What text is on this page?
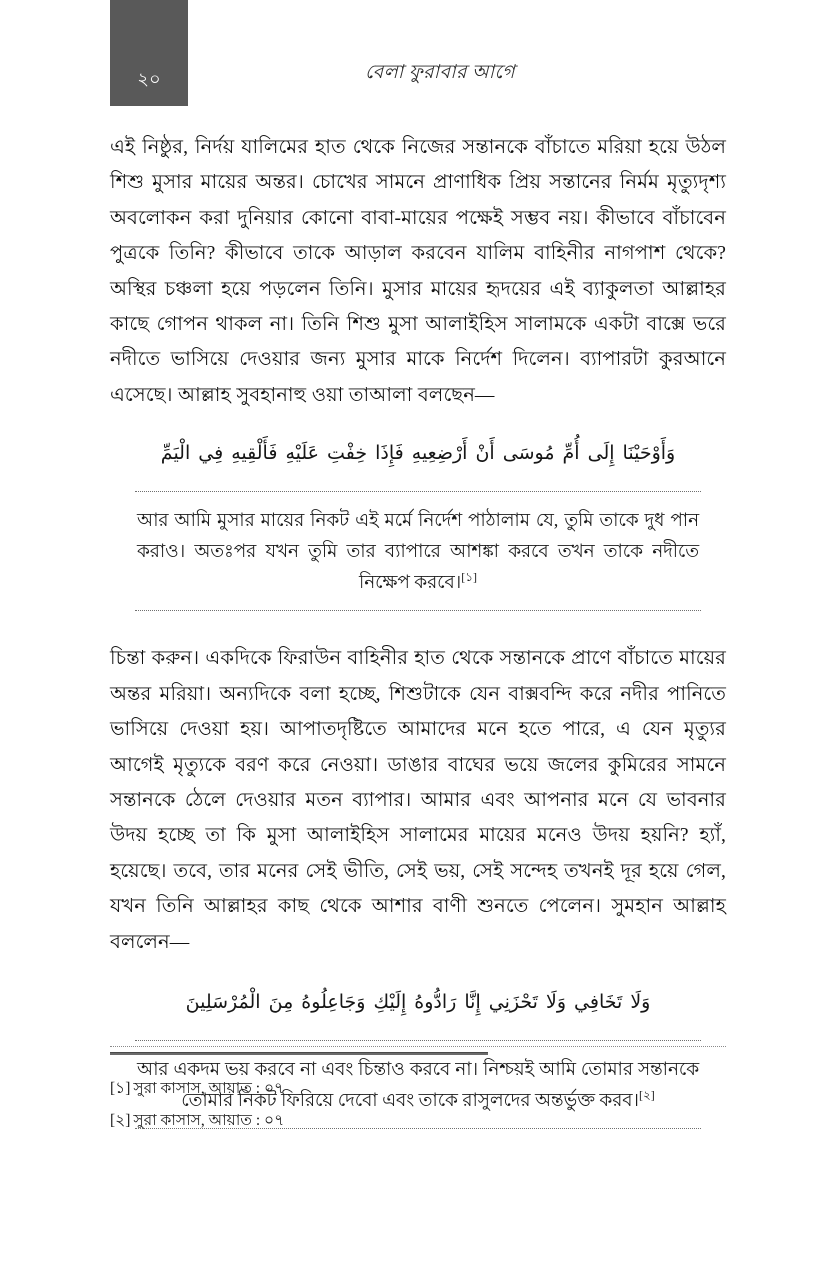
২০	বেলা ফুরাবার আগে

এই নিষ্ঠুর, নির্দয় যালিমের হাত থেকে নিজের সন্তানকে বাঁচাতে মরিয়া হয়ে উঠল শিশু মুসার মায়ের অন্তর। চোখের সামনে প্রাণাধিক প্রিয় সন্তানের নির্মম মৃত্যুদৃশ্য অবলোকন করা দুনিয়ার কোনো বাবা-মায়ের পক্ষেই সম্ভব নয়। কীভাবে বাঁচাবেন পুত্রকে তিনি? কীভাবে তাকে আড়াল করবেন যালিম বাহিনীর নাগপাশ থেকে? অস্থির চঞ্চলা হয়ে পড়লেন তিনি। মুসার মায়ের হৃদয়ের এই ব্যাকুলতা আল্লাহর কাছে গোপন থাকল না। তিনি শিশু মুসা আলাইহিস সালামকে একটা বাক্সে ভরে নদীতে ভাসিয়ে দেওয়ার জন্য মুসার মাকে নির্দেশ দিলেন। ব্যাপারটা কুরআনে এসেছে। আল্লাহ সুবহানাহু ওয়া তাআলা বলছেন—

وَأَوْحَيْنَا إِلَى أُمِّ مُوسَى أَنْ أَرْضِعِيهِ فَإِذَا خِفْتِ عَلَيْهِ فَأَلْقِيهِ فِي الْيَمِّ

আর আমি মুসার মায়ের নিকট এই মর্মে নির্দেশ পাঠালাম যে, তুমি তাকে দুধ পান করাও। অতঃপর যখন তুমি তার ব্যাপারে আশঙ্কা করবে তখন তাকে নদীতে নিক্ষেপ করবে।[১]

চিন্তা করুন। একদিকে ফিরাউন বাহিনীর হাত থেকে সন্তানকে প্রাণে বাঁচাতে মায়ের অন্তর মরিয়া। অন্যদিকে বলা হচ্ছে, শিশুটাকে যেন বাক্সবন্দি করে নদীর পানিতে ভাসিয়ে দেওয়া হয়। আপাতদৃষ্টিতে আমাদের মনে হতে পারে, এ যেন মৃত্যুর আগেই মৃত্যুকে বরণ করে নেওয়া। ডাঙার বাঘের ভয়ে জলের কুমিরের সামনে সন্তানকে ঠেলে দেওয়ার মতন ব্যাপার। আমার এবং আপনার মনে যে ভাবনার উদয় হচ্ছে তা কি মুসা আলাইহিস সালামের মায়ের মনেও উদয় হয়নি? হ্যাঁ, হয়েছে। তবে, তার মনের সেই ভীতি, সেই ভয়, সেই সন্দেহ তখনই দূর হয়ে গেল, যখন তিনি আল্লাহর কাছ থেকে আশার বাণী শুনতে পেলেন। সুমহান আল্লাহ বললেন—

وَلَا تَخَافِي وَلَا تَحْزَنِي إِنَّا رَادُّوهُ إِلَيْكِ وَجَاعِلُوهُ مِنَ الْمُرْسَلِينَ

আর একদম ভয় করবে না এবং চিন্তাও করবে না। নিশ্চয়ই আমি তোমার সন্তানকে তোমার নিকট ফিরিয়ে দেবো এবং তাকে রাসুলদের অন্তর্ভুক্ত করব।[২]

[১] সুরা কাসাস, আয়াত : ০৭
[২] সুরা কাসাস, আয়াত : ০৭
